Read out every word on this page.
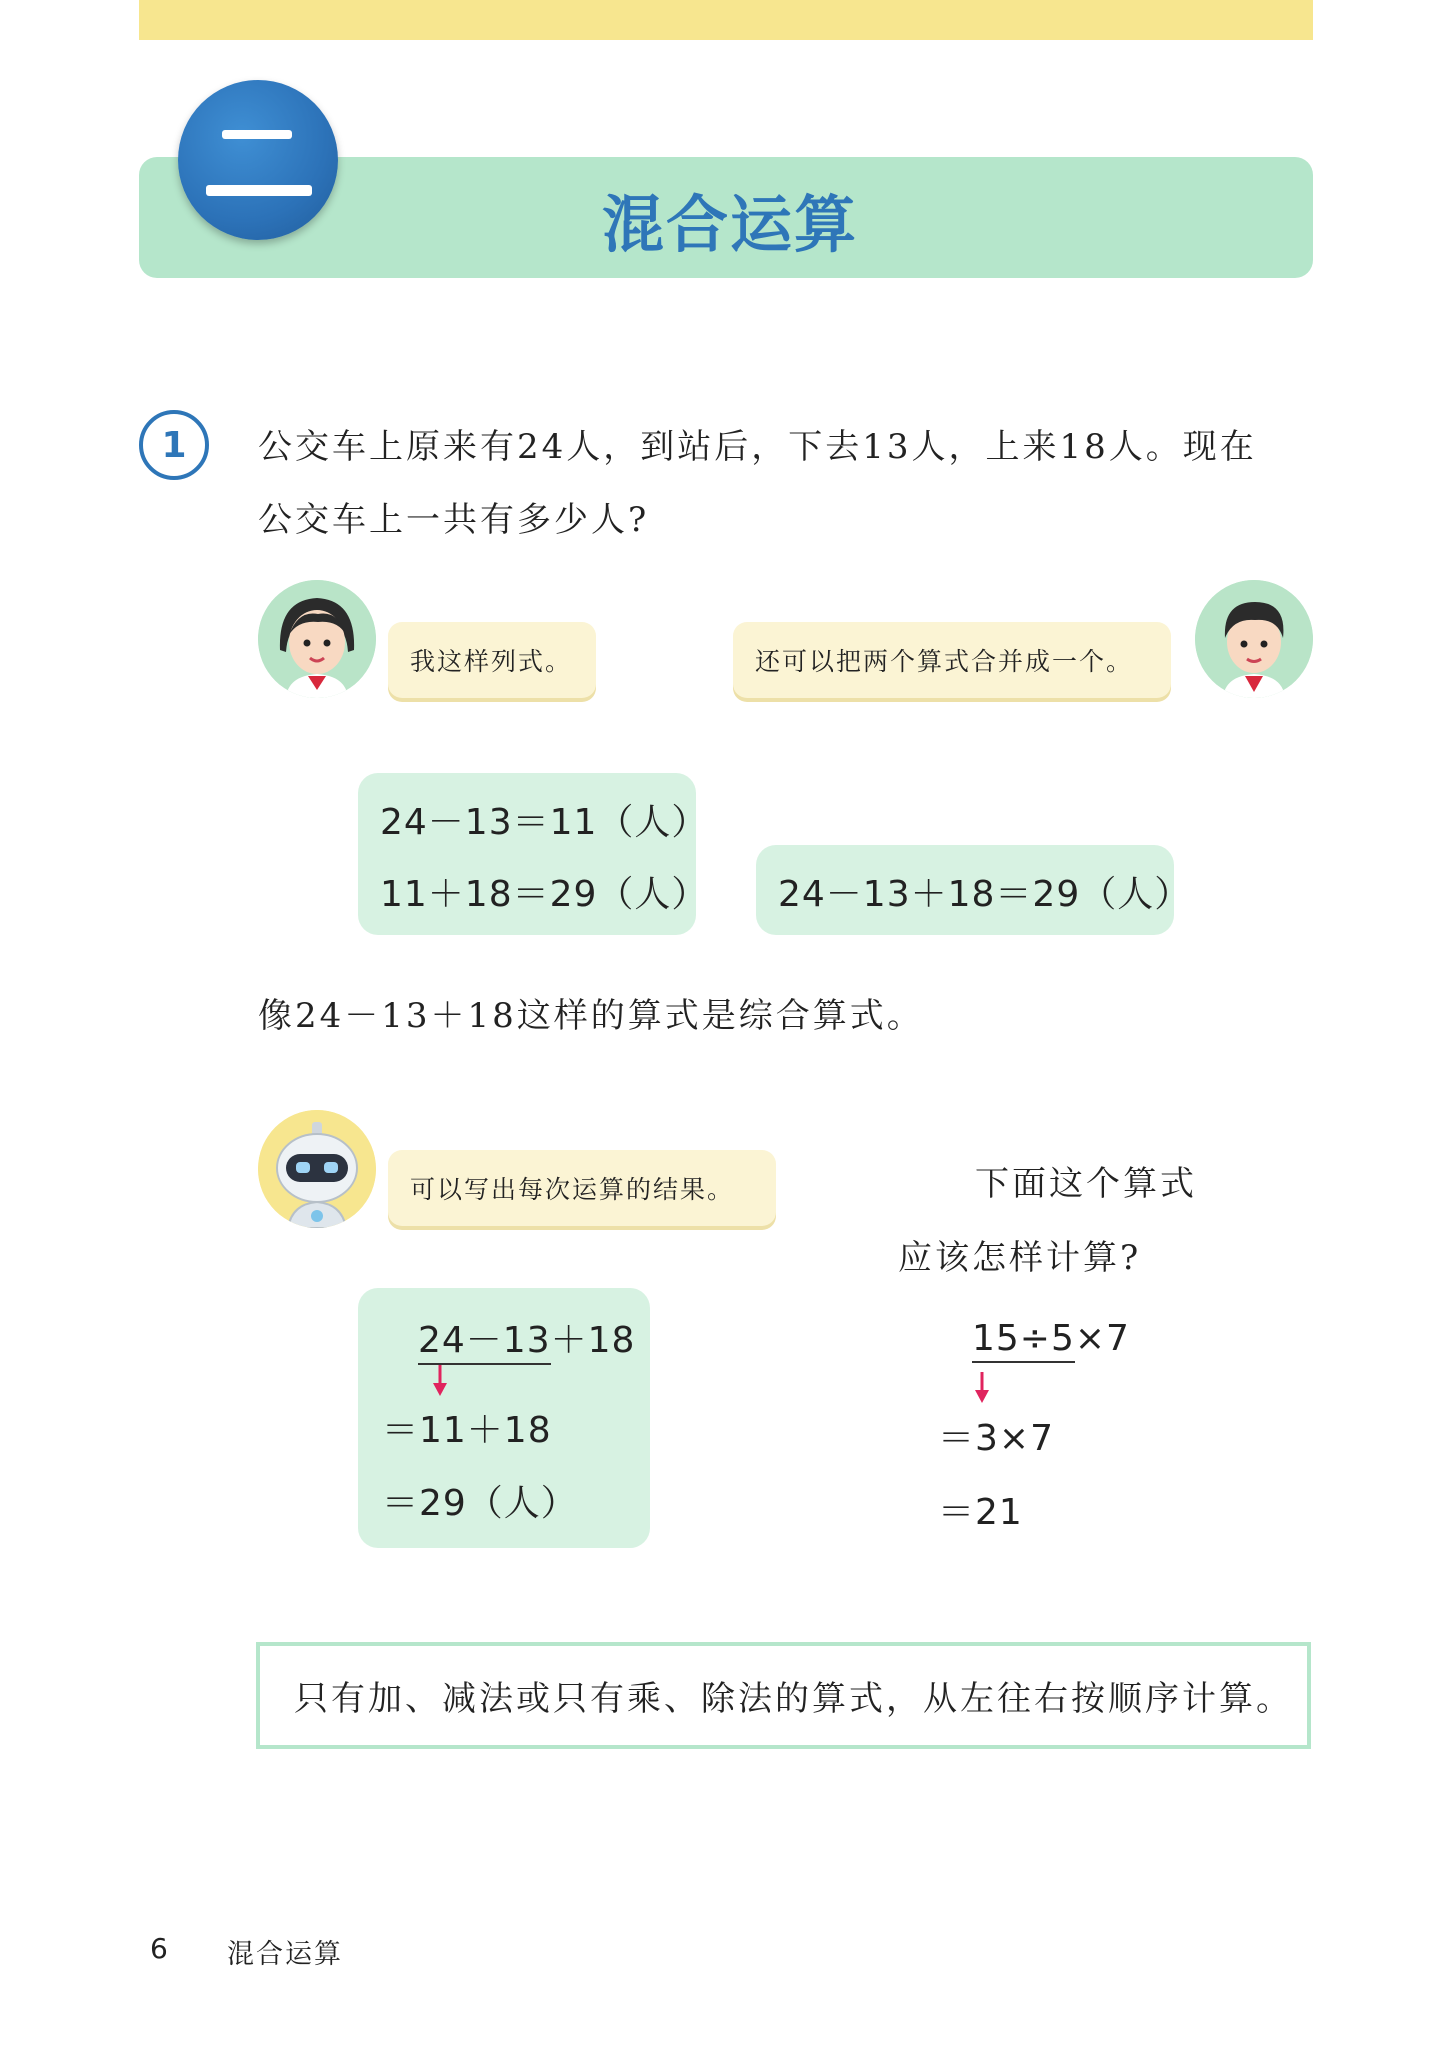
混合运算
1 公交车上原来有24人，到站后，下去13人，上来18人。现在
公交车上一共有多少人?
我这样列式。	还可以把两个算式合并成一个。
24－13＝11（人）
11＋18＝29（人） 24－13＋18＝29（人）
像24－13＋18这样的算式是综合算式。
可以写出每次运算的结果。
24－13＋18
＝11＋18
＝29（人）
下面这个算式
应该怎样计算?
15÷5×7
＝3×7
＝21
只有加、减法或只有乘、除法的算式，从左往右按顺序计算。
6 混合运算
